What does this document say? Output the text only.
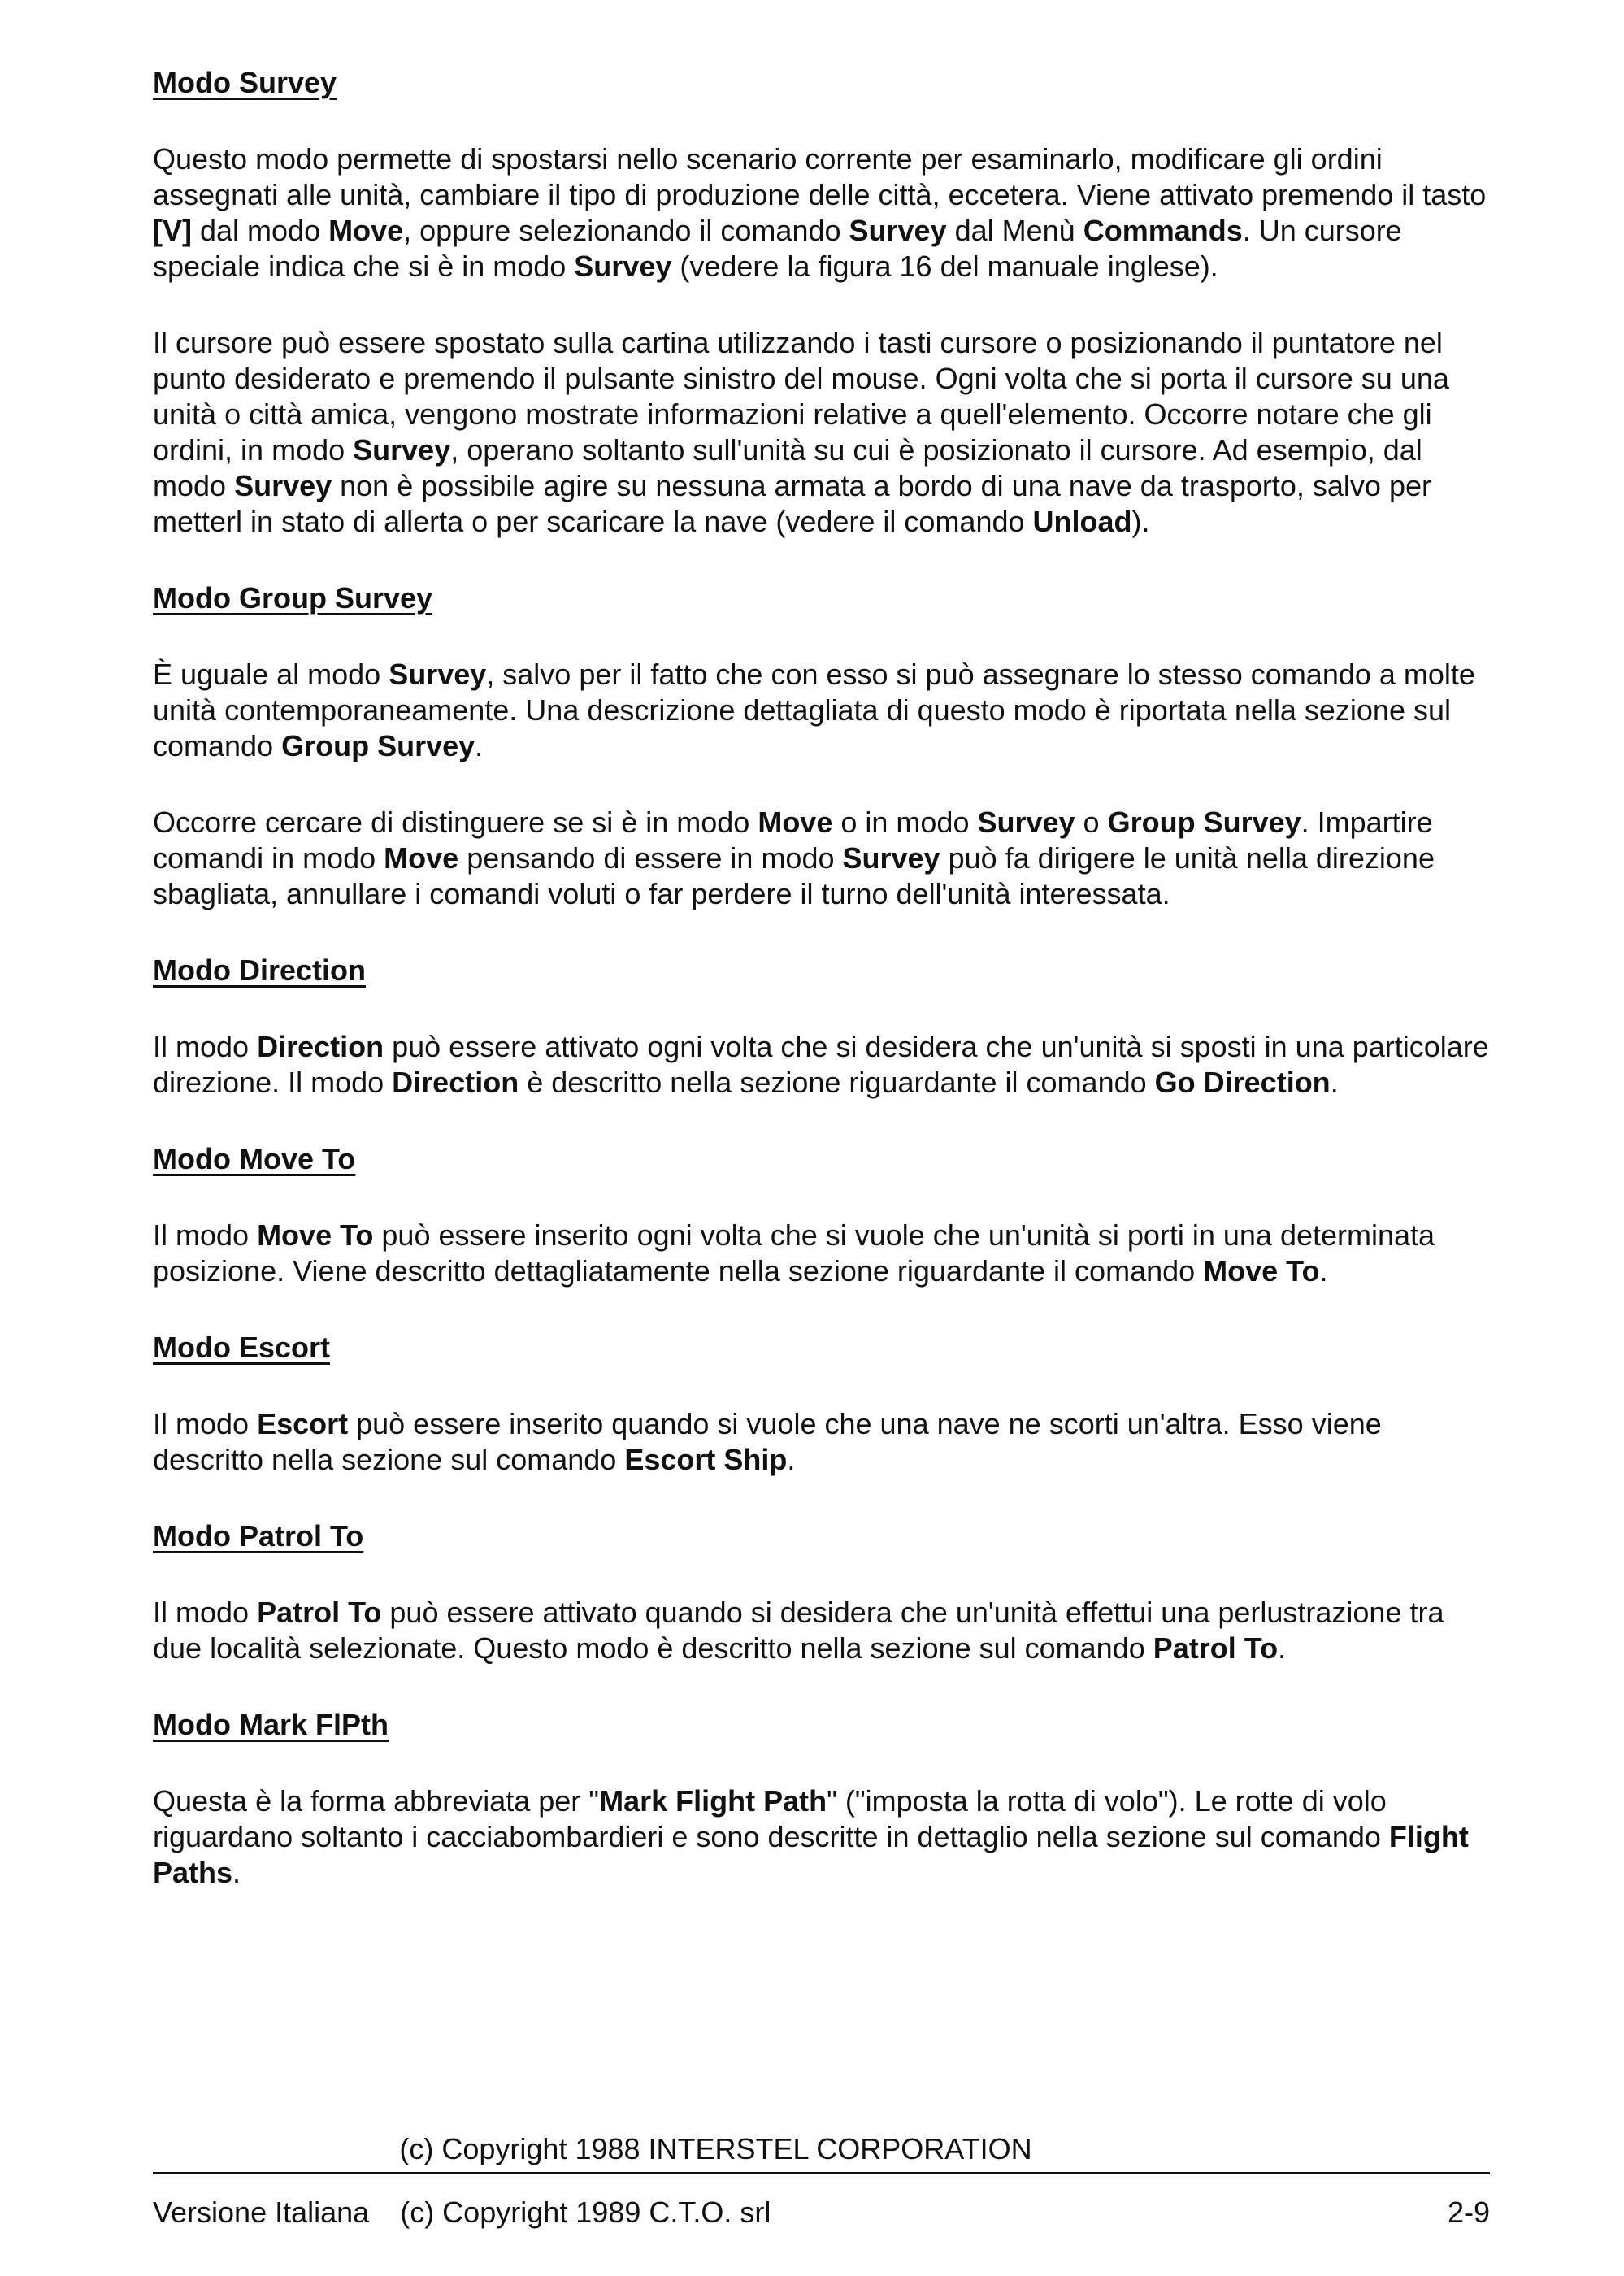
Modo Survey

Questo modo permette di spostarsi nello scenario corrente per esaminarlo, modificare gli ordini assegnati alle unità, cambiare il tipo di produzione delle città, eccetera. Viene attivato premendo il tasto [V] dal modo Move, oppure selezionando il comando Survey dal Menù Commands. Un cursore speciale indica che si è in modo Survey (vedere la figura 16 del manuale inglese).

Il cursore può essere spostato sulla cartina utilizzando i tasti cursore o posizionando il puntatore nel punto desiderato e premendo il pulsante sinistro del mouse. Ogni volta che si porta il cursore su una unità o città amica, vengono mostrate informazioni relative a quell'elemento. Occorre notare che gli ordini, in modo Survey, operano soltanto sull'unità su cui è posizionato il cursore. Ad esempio, dal modo Survey non è possibile agire su nessuna armata a bordo di una nave da trasporto, salvo per metterl in stato di allerta o per scaricare la nave (vedere il comando Unload).

Modo Group Survey

È uguale al modo Survey, salvo per il fatto che con esso si può assegnare lo stesso comando a molte unità contemporaneamente. Una descrizione dettagliata di questo modo è riportata nella sezione sul comando Group Survey.

Occorre cercare di distinguere se si è in modo Move o in modo Survey o Group Survey. Impartire comandi in modo Move pensando di essere in modo Survey può fa dirigere le unità nella direzione sbagliata, annullare i comandi voluti o far perdere il turno dell'unità interessata.

Modo Direction

Il modo Direction può essere attivato ogni volta che si desidera che un'unità si sposti in una particolare direzione. Il modo Direction è descritto nella sezione riguardante il comando Go Direction.

Modo Move To

Il modo Move To può essere inserito ogni volta che si vuole che un'unità si porti in una determinata posizione. Viene descritto dettagliatamente nella sezione riguardante il comando Move To.

Modo Escort

Il modo Escort può essere inserito quando si vuole che una nave ne scorti un'altra. Esso viene descritto nella sezione sul comando Escort Ship.

Modo Patrol To

Il modo Patrol To può essere attivato quando si desidera che un'unità effettui una perlustrazione tra due località selezionate. Questo modo è descritto nella sezione sul comando Patrol To.

Modo Mark FlPth

Questa è la forma abbreviata per "Mark Flight Path" ("imposta la rotta di volo"). Le rotte di volo riguardano soltanto i cacciabombardieri e sono descritte in dettaglio nella sezione sul comando Flight Paths.

(c) Copyright 1988 INTERSTEL CORPORATION
Versione Italiana (c) Copyright 1989 C.T.O. srl	2-9
